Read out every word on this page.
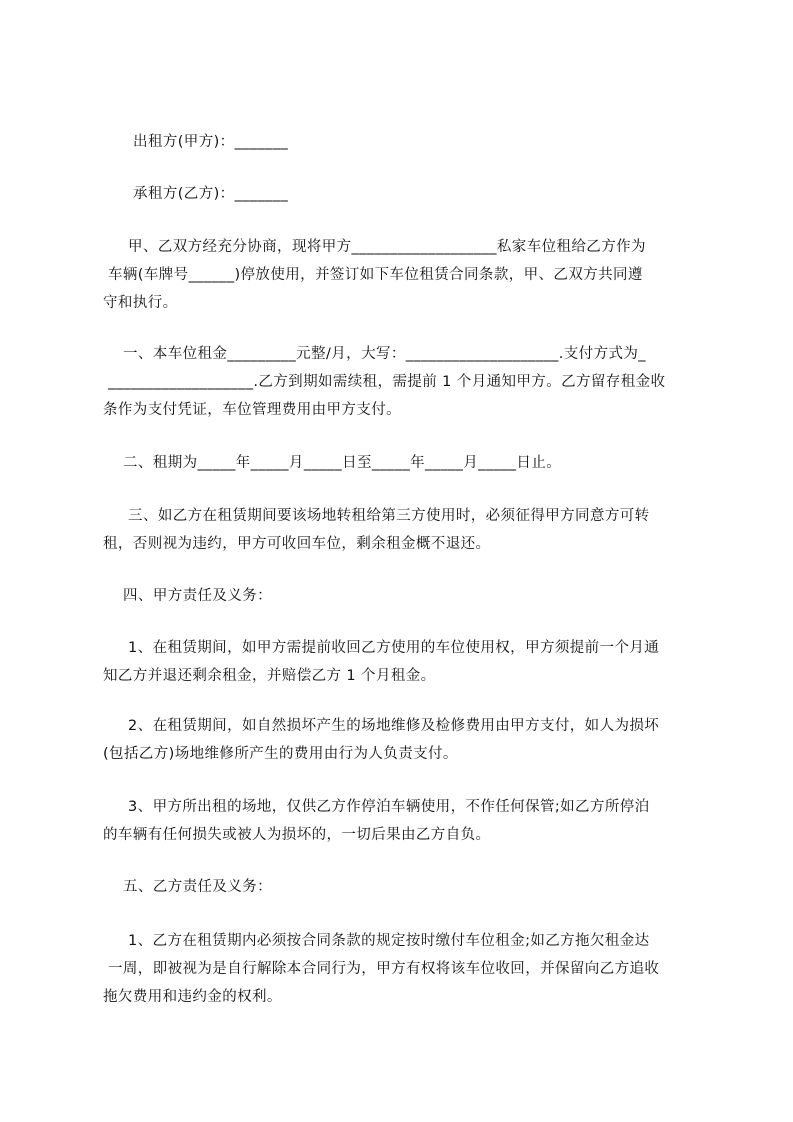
出租方(甲方)：_______
承租方(乙方)：_______
甲、乙双方经充分协商，现将甲方___________________私家车位租给乙方作为
车辆(车牌号______)停放使用，并签订如下车位租赁合同条款，甲、乙双方共同遵
守和执行。
一、本车位租金_________元整/月，大写：____________________.支付方式为_
___________________.乙方到期如需续租，需提前 1 个月通知甲方。乙方留存租金收
条作为支付凭证，车位管理费用由甲方支付。
二、租期为_____年_____月_____日至_____年_____月_____日止。
三、如乙方在租赁期间要该场地转租给第三方使用时，必须征得甲方同意方可转
租，否则视为违约，甲方可收回车位，剩余租金概不退还。
四、甲方责任及义务：
1、在租赁期间，如甲方需提前收回乙方使用的车位使用权，甲方须提前一个月通
知乙方并退还剩余租金，并赔偿乙方 1 个月租金。
2、在租赁期间，如自然损坏产生的场地维修及检修费用由甲方支付，如人为损坏
(包括乙方)场地维修所产生的费用由行为人负责支付。
3、甲方所出租的场地，仅供乙方作停泊车辆使用，不作任何保管;如乙方所停泊
的车辆有任何损失或被人为损坏的，一切后果由乙方自负。
五、乙方责任及义务：
1、乙方在租赁期内必须按合同条款的规定按时缴付车位租金;如乙方拖欠租金达
一周，即被视为是自行解除本合同行为，甲方有权将该车位收回，并保留向乙方追收
拖欠费用和违约金的权利。
